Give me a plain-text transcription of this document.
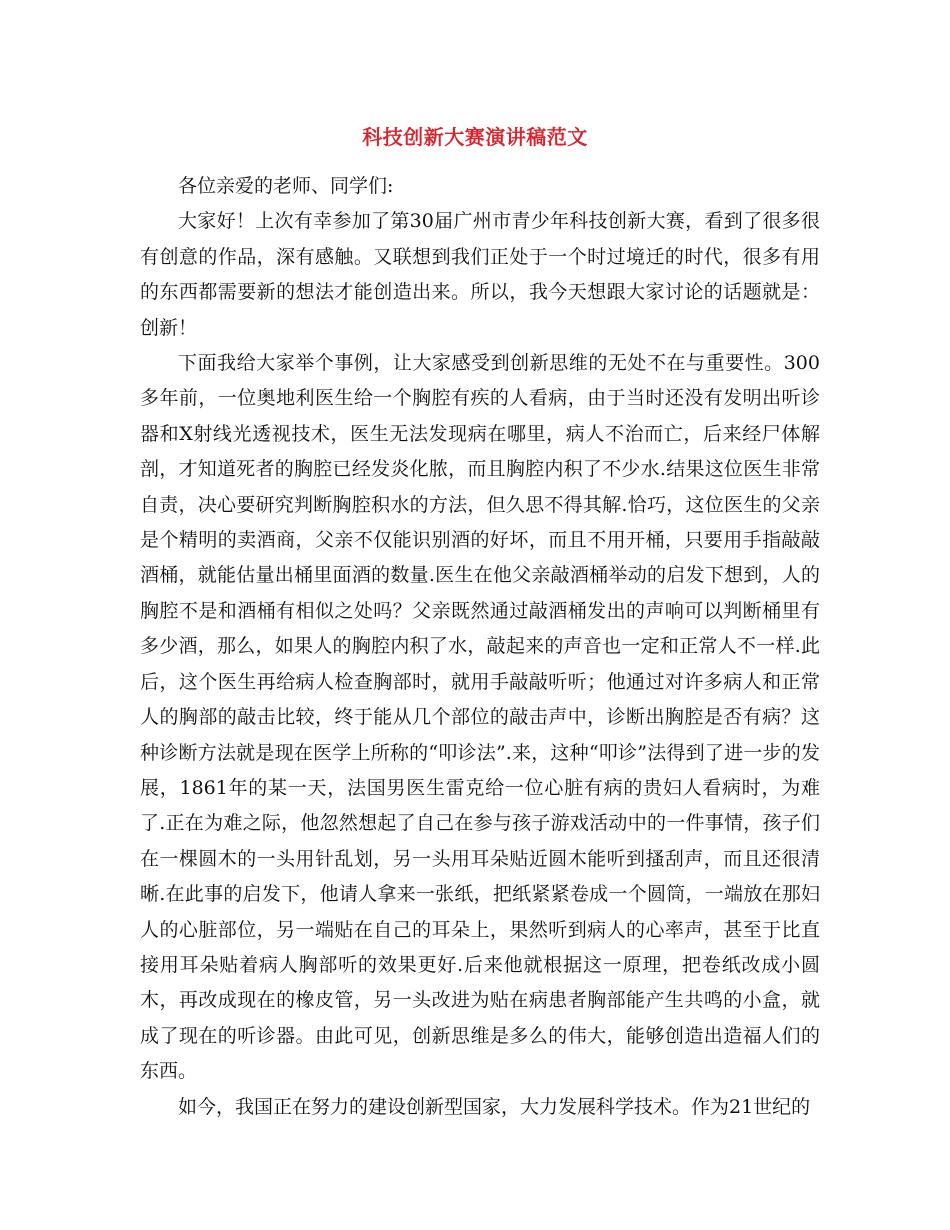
科技创新大赛演讲稿范文

各位亲爱的老师、同学们:

大家好！上次有幸参加了第30届广州市青少年科技创新大赛，看到了很多很有创意的作品，深有感触。又联想到我们正处于一个时过境迁的时代，很多有用的东西都需要新的想法才能创造出来。所以，我今天想跟大家讨论的话题就是：创新！

下面我给大家举个事例，让大家感受到创新思维的无处不在与重要性。300多年前，一位奥地利医生给一个胸腔有疾的人看病，由于当时还没有发明出听诊器和X射线光透视技术，医生无法发现病在哪里，病人不治而亡，后来经尸体解剖，才知道死者的胸腔已经发炎化脓，而且胸腔内积了不少水.结果这位医生非常自责，决心要研究判断胸腔积水的方法，但久思不得其解.恰巧，这位医生的父亲是个精明的卖酒商，父亲不仅能识别酒的好坏，而且不用开桶，只要用手指敲敲酒桶，就能估量出桶里面酒的数量.医生在他父亲敲酒桶举动的启发下想到，人的胸腔不是和酒桶有相似之处吗？父亲既然通过敲酒桶发出的声响可以判断桶里有多少酒，那么，如果人的胸腔内积了水，敲起来的声音也一定和正常人不一样.此后，这个医生再给病人检查胸部时，就用手敲敲听听；他通过对许多病人和正常人的胸部的敲击比较，终于能从几个部位的敲击声中，诊断出胸腔是否有病？这种诊断方法就是现在医学上所称的“叩诊法”.来，这种“叩诊”法得到了进一步的发展，1861年的某一天，法国男医生雷克给一位心脏有病的贵妇人看病时，为难了.正在为难之际，他忽然想起了自己在参与孩子游戏活动中的一件事情，孩子们在一棵圆木的一头用针乱划，另一头用耳朵贴近圆木能听到搔刮声，而且还很清晰.在此事的启发下，他请人拿来一张纸，把纸紧紧卷成一个圆筒，一端放在那妇人的心脏部位，另一端贴在自己的耳朵上，果然听到病人的心率声，甚至于比直接用耳朵贴着病人胸部听的效果更好.后来他就根据这一原理，把卷纸改成小圆木，再改成现在的橡皮管，另一头改进为贴在病患者胸部能产生共鸣的小盒，就成了现在的听诊器。由此可见，创新思维是多么的伟大，能够创造出造福人们的东西。

如今，我国正在努力的建设创新型国家，大力发展科学技术。作为21世纪的
